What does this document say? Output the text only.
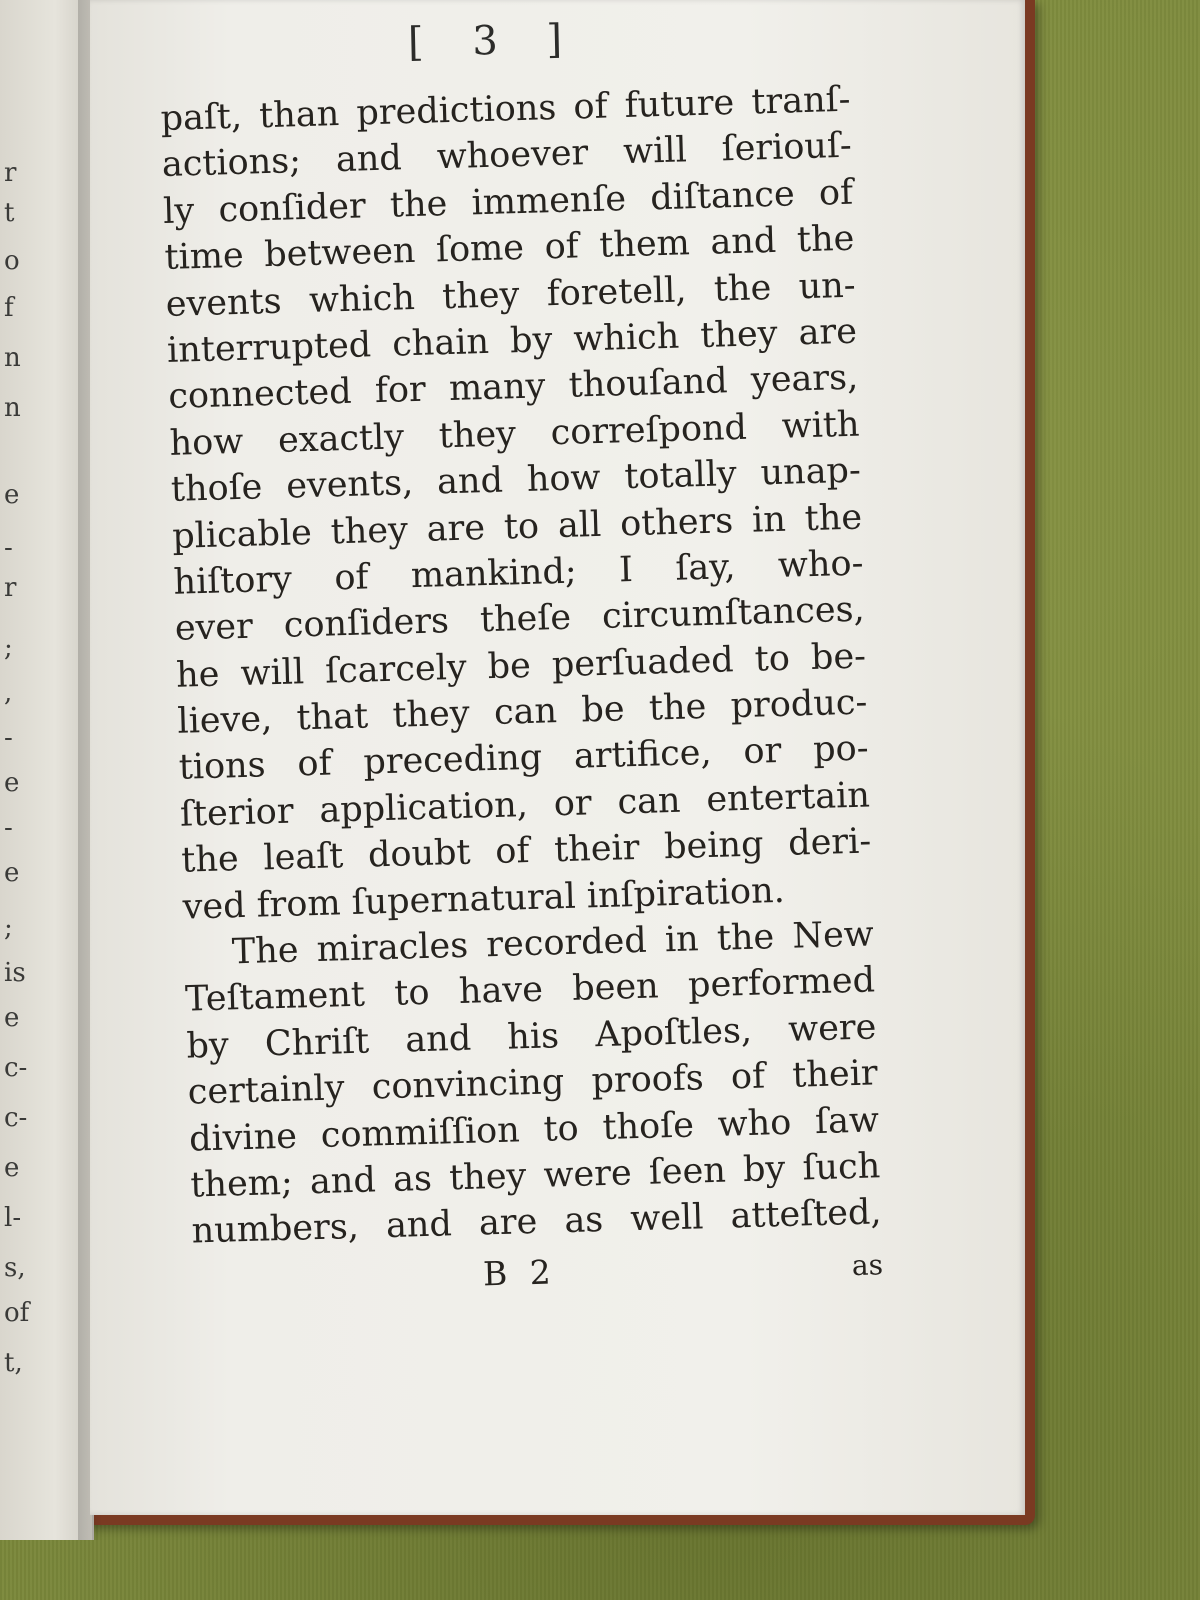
r
t
o
f
n
n
e
-
r
;
,
-
e
-
e
;
is
e
c-
c-
e
l-
s,
of
t,
[ 3 ]
paſt, than predictions of future tranſ-
actions; and whoever will ſeriouſ-
ly conſider the immenſe diſtance of
time between ſome of them and the
events which they foretell, the un-
interrupted chain by which they are
connected for many thouſand years,
how exactly they correſpond with
thoſe events, and how totally unap-
plicable they are to all others in the
hiſtory of mankind; I ſay, who-
ever conſiders theſe circumſtances,
he will ſcarcely be perſuaded to be-
lieve, that they can be the produc-
tions of preceding artifice, or po-
ſterior application, or can entertain
the leaſt doubt of their being deri-
ved from ſupernatural inſpiration.
The miracles recorded in the New
Teſtament to have been performed
by Chriſt and his Apoſtles, were
certainly convincing proofs of their
divine commiſſion to thoſe who ſaw
them; and as they were ſeen by ſuch
numbers, and are as well atteſted,
B 2	as
